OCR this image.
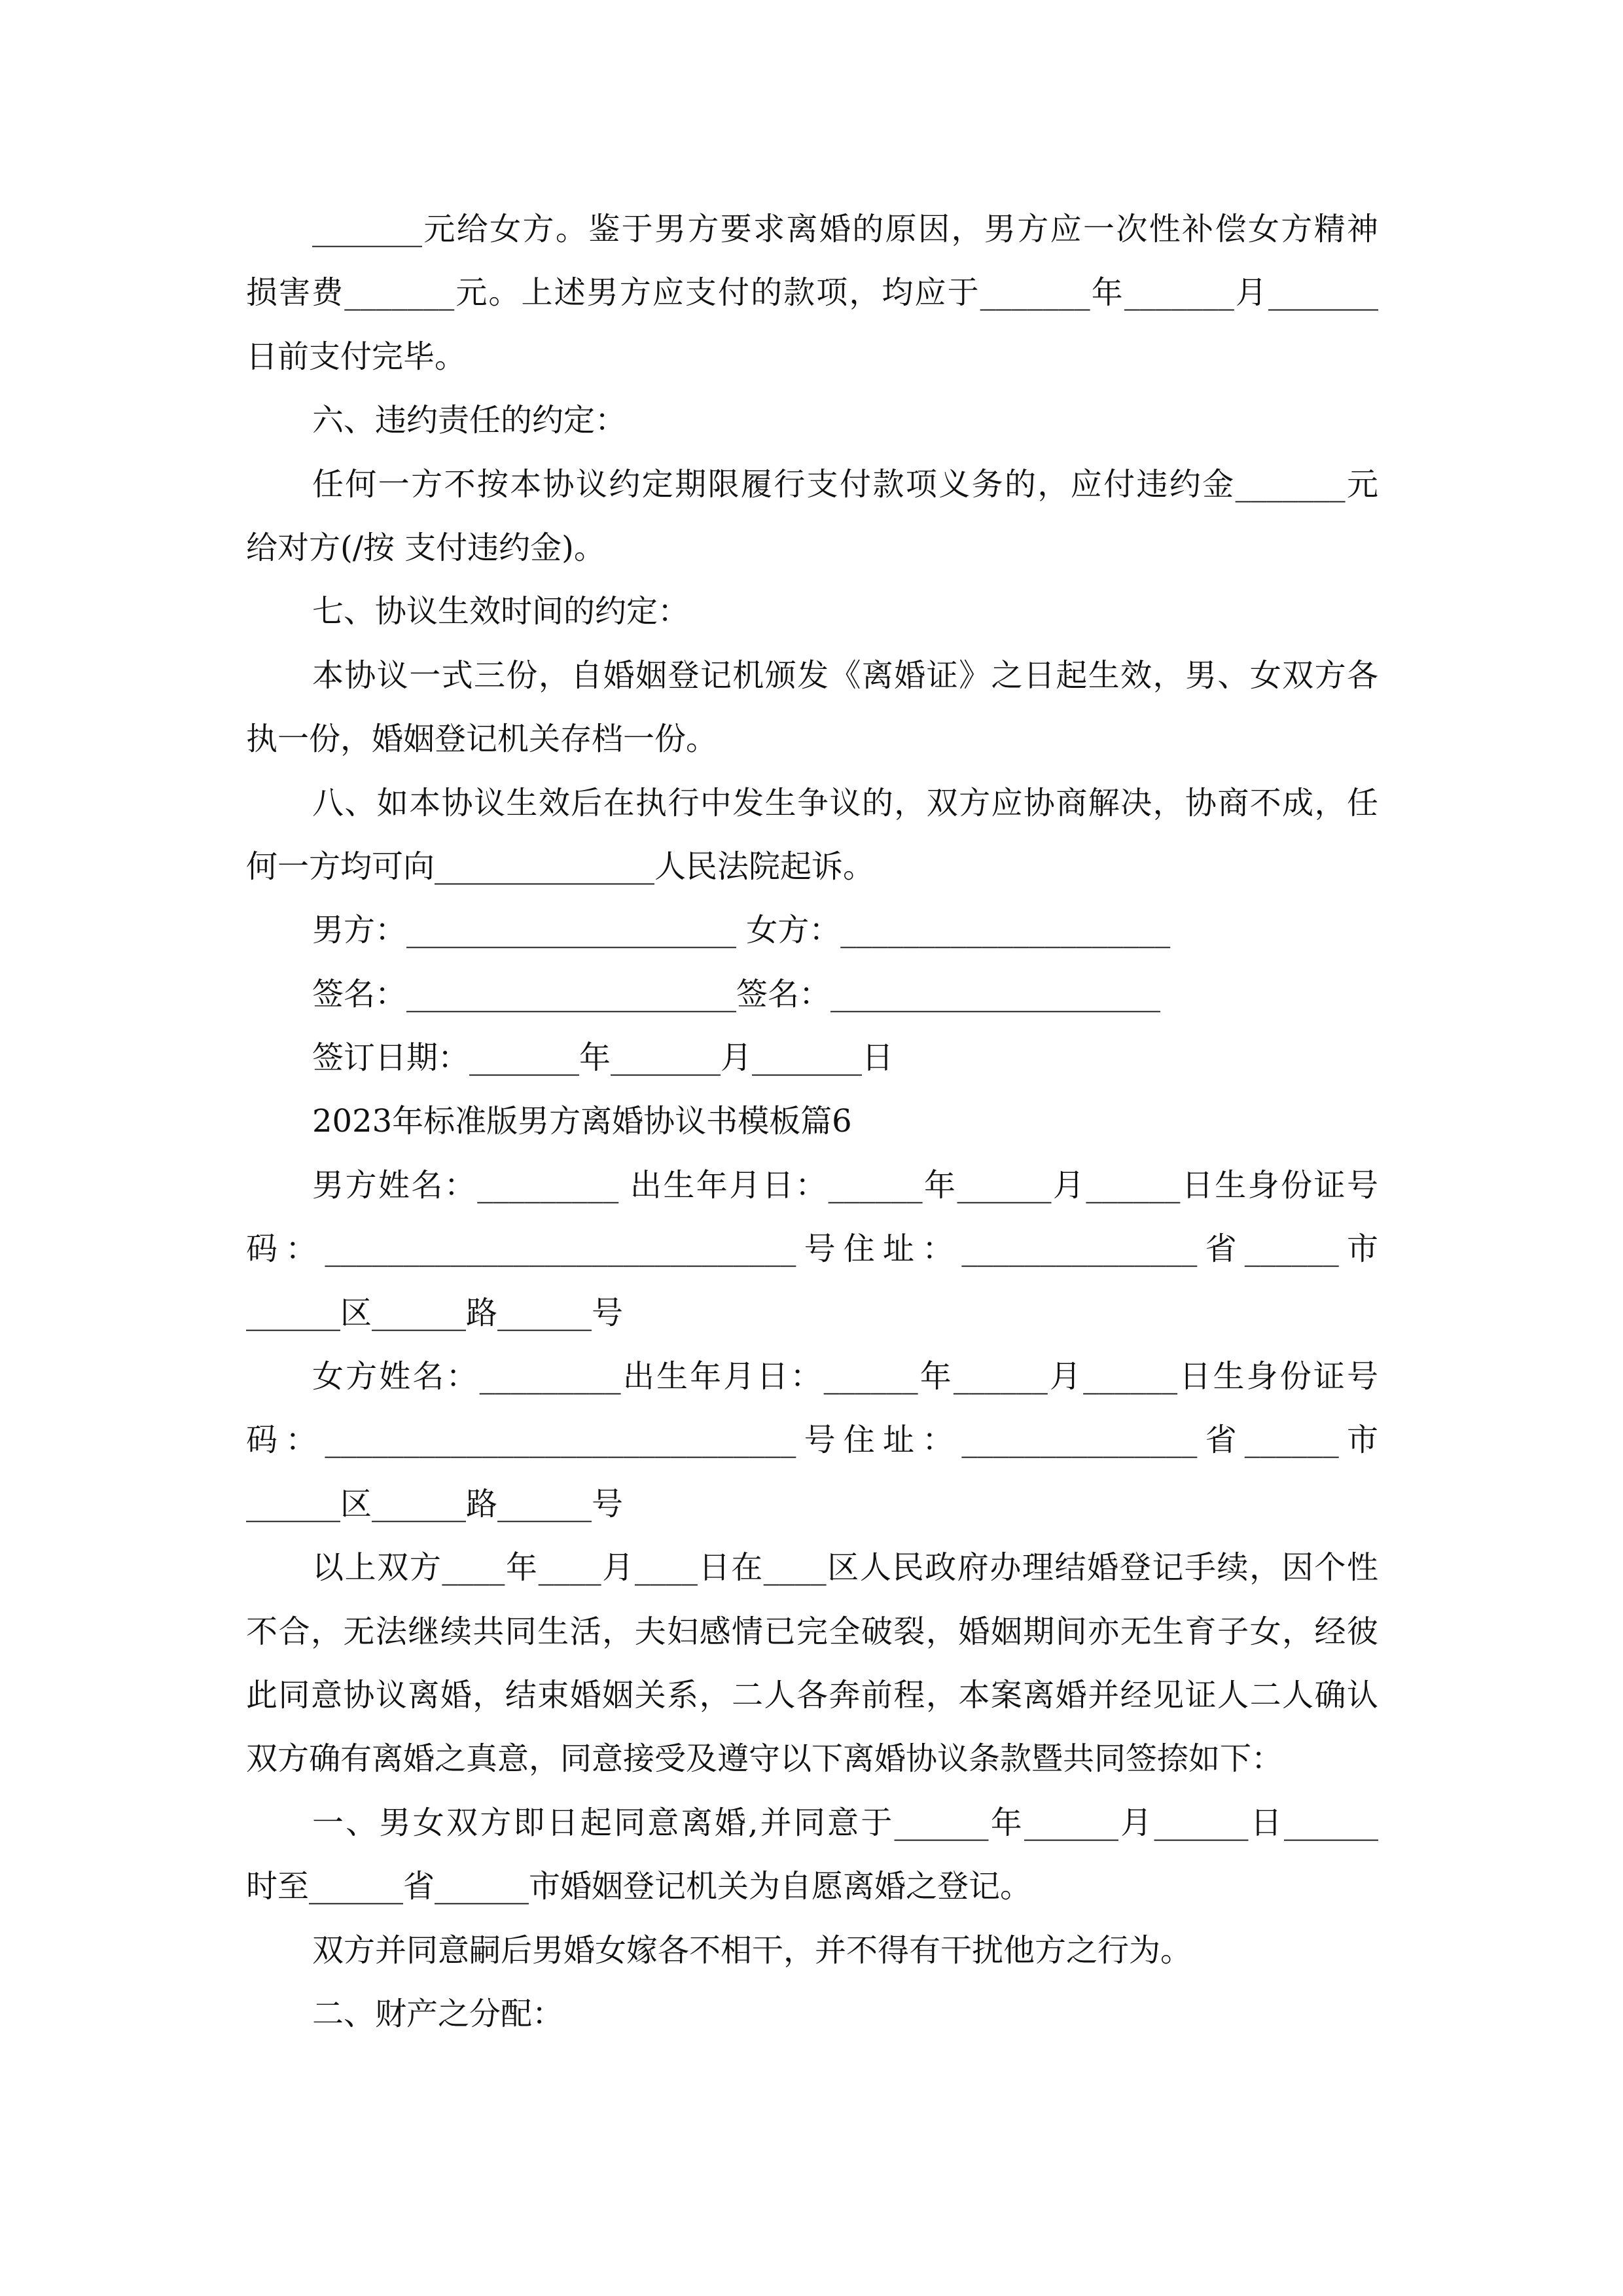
_______元给女方。鉴于男方要求离婚的原因，男方应一次性补偿女方精神
损害费_______元。上述男方应支付的款项，均应于_______年_______月_______
日前支付完毕。
六、违约责任的约定：
任何一方不按本协议约定期限履行支付款项义务的，应付违约金_______元
给对方(/按 支付违约金)。
七、协议生效时间的约定：
本协议一式三份，自婚姻登记机颁发《离婚证》之日起生效，男、女双方各
执一份，婚姻登记机关存档一份。
八、如本协议生效后在执行中发生争议的，双方应协商解决，协商不成，任
何一方均可向______________人民法院起诉。
男方：_____________________ 女方：_____________________
签名：_____________________签名：_____________________
签订日期：_______年_______月_______日
2023年标准版男方离婚协议书模板篇6
男方姓名：_________ 出生年月日：______年______月______日生身份证号
码：______________________________号住址：_______________省______市
______区______路______号
女方姓名：_________出生年月日：______年______月______日生身份证号
码：______________________________号住址：_______________省______市
______区______路______号
以上双方____年____月____日在____区人民政府办理结婚登记手续，因个性
不合，无法继续共同生活，夫妇感情已完全破裂，婚姻期间亦无生育子女，经彼
此同意协议离婚，结束婚姻关系，二人各奔前程，本案离婚并经见证人二人确认
双方确有离婚之真意，同意接受及遵守以下离婚协议条款暨共同签捺如下：
一、男女双方即日起同意离婚,并同意于______年______月______日______
时至______省______市婚姻登记机关为自愿离婚之登记。
双方并同意嗣后男婚女嫁各不相干，并不得有干扰他方之行为。
二、财产之分配：
